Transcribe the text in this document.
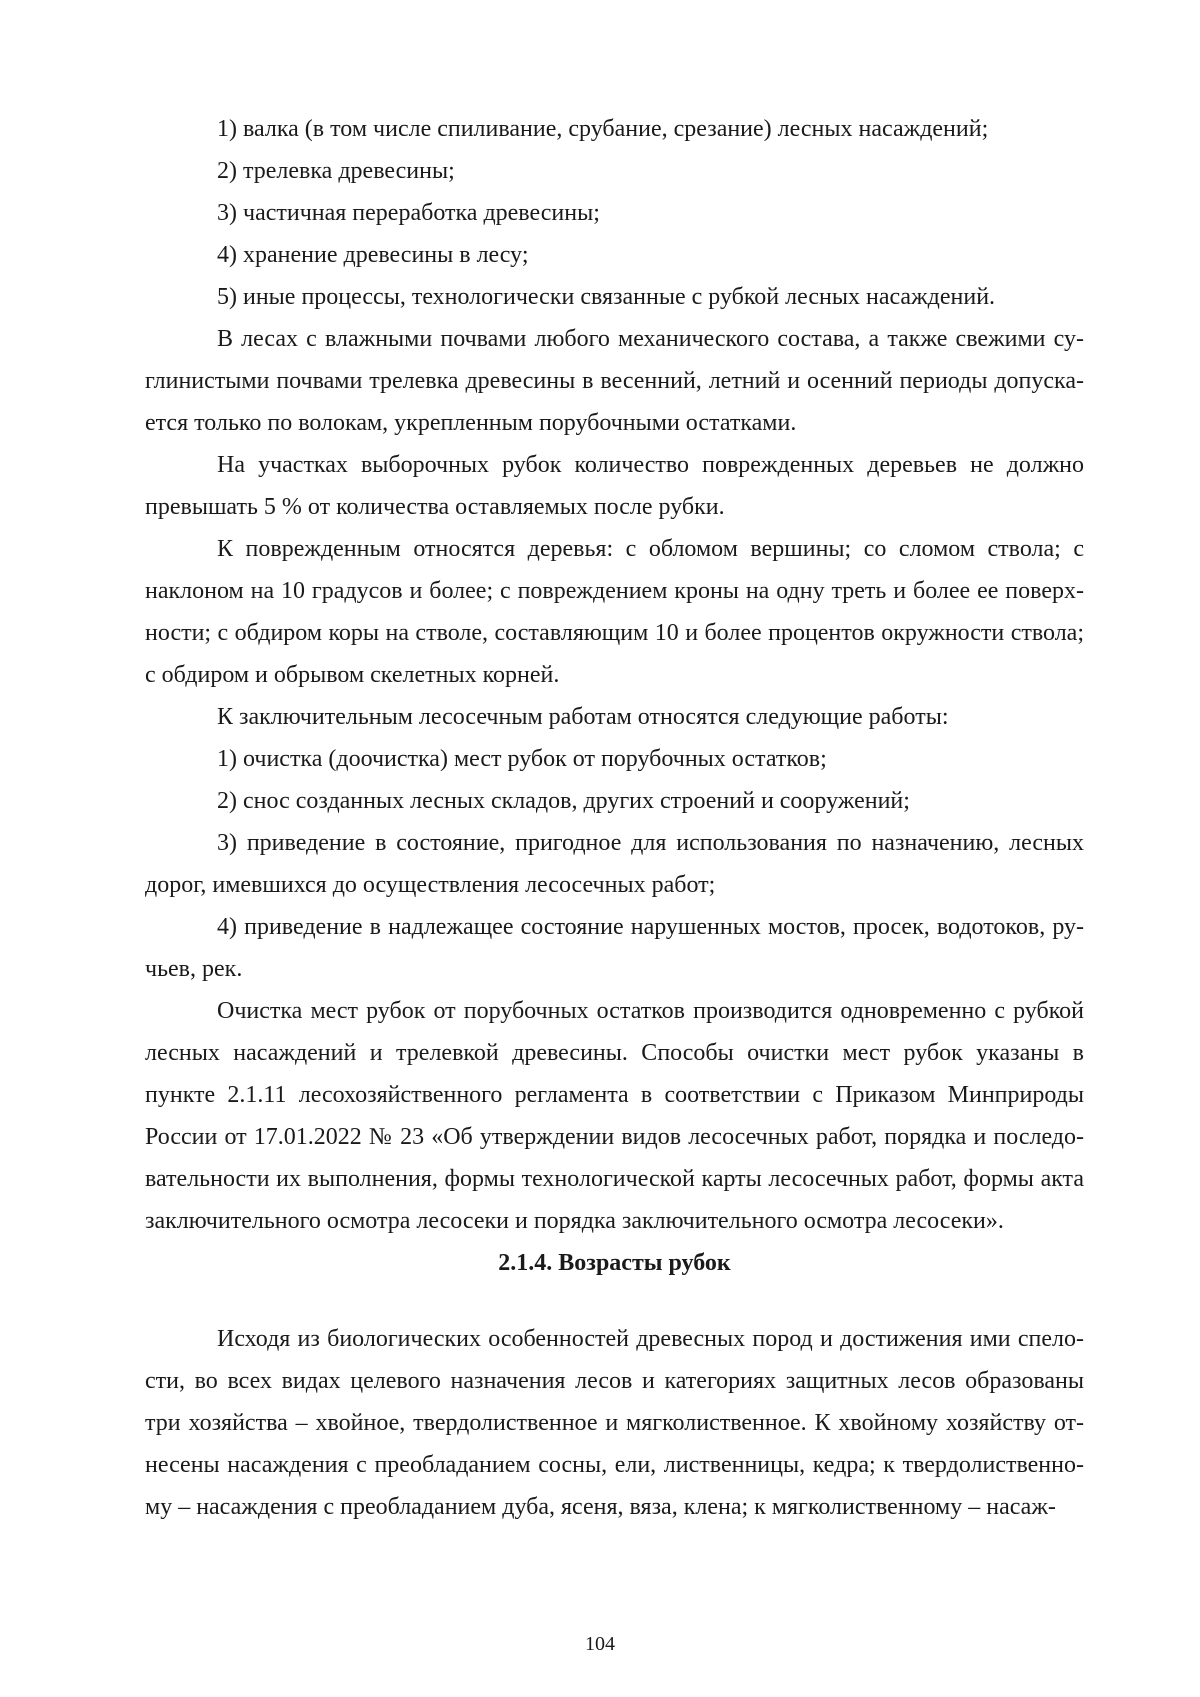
1) валка (в том числе спиливание, срубание, срезание) лесных насаждений;

2) трелевка древесины;

3) частичная переработка древесины;

4) хранение древесины в лесу;

5) иные процессы, технологически связанные с рубкой лесных насаждений.

В лесах с влажными почвами любого механического состава, а также свежими суглинистыми почвами трелевка древесины в весенний, летний и осенний периоды допускается только по волокам, укрепленным порубочными остатками.

На участках выборочных рубок количество поврежденных деревьев не должно превышать 5 % от количества оставляемых после рубки.

К поврежденным относятся деревья: с обломом вершины; со сломом ствола; с наклоном на 10 градусов и более; с повреждением кроны на одну треть и более ее поверхности; с обдиром коры на стволе, составляющим 10 и более процентов окружности ствола; с обдиром и обрывом скелетных корней.

К заключительным лесосечным работам относятся следующие работы:

1) очистка (доочистка) мест рубок от порубочных остатков;

2) снос созданных лесных складов, других строений и сооружений;

3) приведение в состояние, пригодное для использования по назначению, лесных дорог, имевшихся до осуществления лесосечных работ;

4) приведение в надлежащее состояние нарушенных мостов, просек, водотоков, ручьев, рек.

Очистка мест рубок от порубочных остатков производится одновременно с рубкой лесных насаждений и трелевкой древесины. Способы очистки мест рубок указаны в пункте 2.1.11 лесохозяйственного регламента в соответствии с Приказом Минприроды России от 17.01.2022 № 23 «Об утверждении видов лесосечных работ, порядка и последовательности их выполнения, формы технологической карты лесосечных работ, формы акта заключительного осмотра лесосеки и порядка заключительного осмотра лесосеки».

2.1.4. Возрасты рубок

Исходя из биологических особенностей древесных пород и достижения ими спелости, во всех видах целевого назначения лесов и категориях защитных лесов образованы три хозяйства – хвойное, твердолиственное и мягколиственное. К хвойному хозяйству отнесены насаждения с преобладанием сосны, ели, лиственницы, кедра; к твердолиственному – насаждения с преобладанием дуба, ясеня, вяза, клена; к мягколиственному – насаж-

104
